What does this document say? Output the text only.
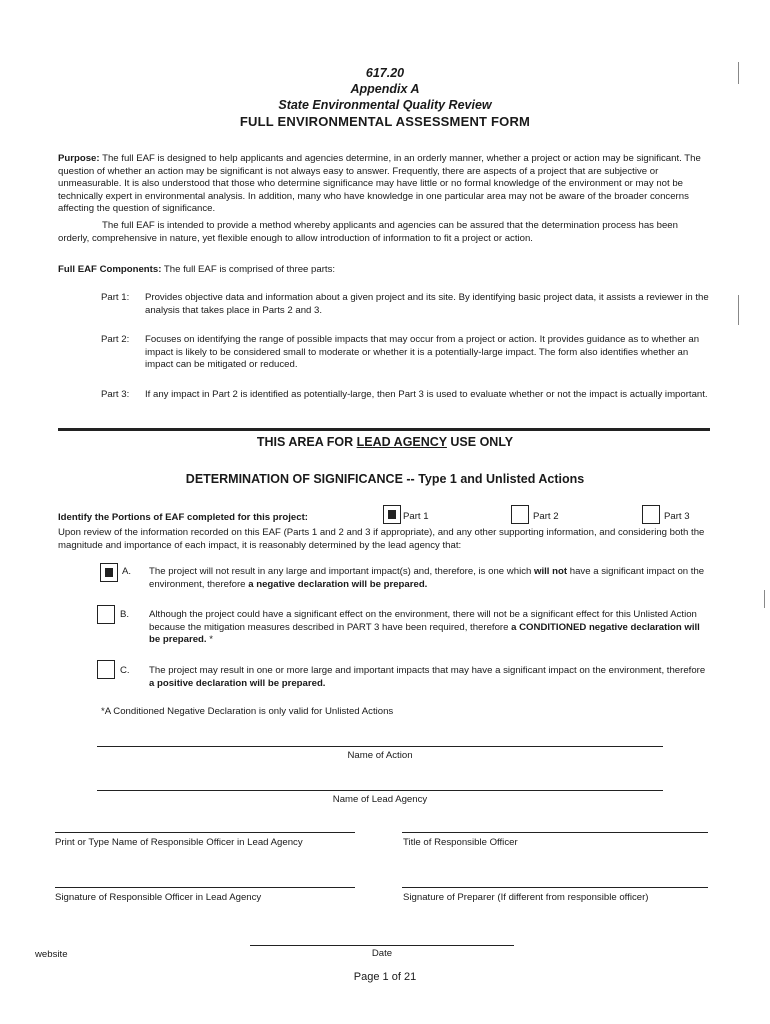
617.20
Appendix A
State Environmental Quality Review
FULL ENVIRONMENTAL ASSESSMENT FORM
Purpose: The full EAF is designed to help applicants and agencies determine, in an orderly manner, whether a project or action may be significant. The question of whether an action may be significant is not always easy to answer. Frequently, there are aspects of a project that are subjective or unmeasurable. It is also understood that those who determine significance may have little or no formal knowledge of the environment or may not be technically expert in environmental analysis. In addition, many who have knowledge in one particular area may not be aware of the broader concerns affecting the question of significance.
The full EAF is intended to provide a method whereby applicants and agencies can be assured that the determination process has been orderly, comprehensive in nature, yet flexible enough to allow introduction of information to fit a project or action.
Full EAF Components: The full EAF is comprised of three parts:
Part 1: Provides objective data and information about a given project and its site. By identifying basic project data, it assists a reviewer in the analysis that takes place in Parts 2 and 3.
Part 2: Focuses on identifying the range of possible impacts that may occur from a project or action. It provides guidance as to whether an impact is likely to be considered small to moderate or whether it is a potentially-large impact. The form also identifies whether an impact can be mitigated or reduced.
Part 3: If any impact in Part 2 is identified as potentially-large, then Part 3 is used to evaluate whether or not the impact is actually important.
THIS AREA FOR LEAD AGENCY USE ONLY
DETERMINATION OF SIGNIFICANCE -- Type 1 and Unlisted Actions
Identify the Portions of EAF completed for this project:	Part 1	Part 2	Part 3
Upon review of the information recorded on this EAF (Parts 1 and 2 and 3 if appropriate), and any other supporting information, and considering both the magnitude and importance of each impact, it is reasonably determined by the lead agency that:
A. The project will not result in any large and important impact(s) and, therefore, is one which will not have a significant impact on the environment, therefore a negative declaration will be prepared.
B. Although the project could have a significant effect on the environment, there will not be a significant effect for this Unlisted Action because the mitigation measures described in PART 3 have been required, therefore a CONDITIONED negative declaration will be prepared. *
C. The project may result in one or more large and important impacts that may have a significant impact on the environment, therefore a positive declaration will be prepared.
*A Conditioned Negative Declaration is only valid for Unlisted Actions
Name of Action
Name of Lead Agency
Print or Type Name of Responsible Officer in Lead Agency	Title of Responsible Officer
Signature of Responsible Officer in Lead Agency	Signature of Preparer (If different from responsible officer)
Date
website
Page 1 of 21
